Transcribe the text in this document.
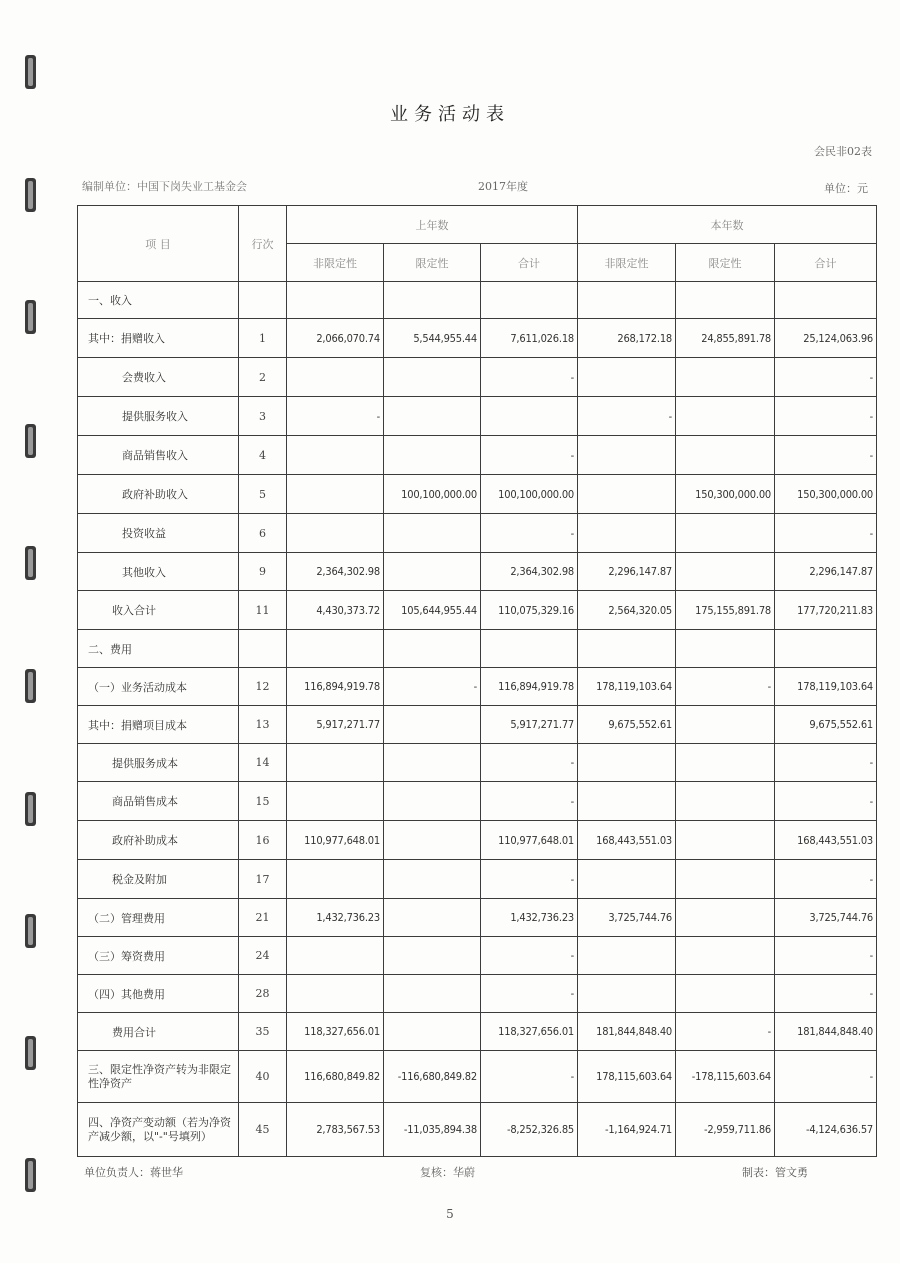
业务活动表
会民非02表
编制单位：中国下岗失业工基金会	2017年度	单位：元
项 目	行次	上年数			本年数		
		非限定性	限定性	合计	非限定性	限定性	合计
一、收入							
其中：捐赠收入	1	2,066,070.74	5,544,955.44	7,611,026.18	268,172.18	24,855,891.78	25,124,063.96
会费收入	2			-			-
提供服务收入	3	-			-		-
商品销售收入	4			-			-
政府补助收入	5		100,100,000.00	100,100,000.00		150,300,000.00	150,300,000.00
投资收益	6			-			-
其他收入	9	2,364,302.98		2,364,302.98	2,296,147.87		2,296,147.87
收入合计	11	4,430,373.72	105,644,955.44	110,075,329.16	2,564,320.05	175,155,891.78	177,720,211.83
二、费用							
（一）业务活动成本	12	116,894,919.78	-	116,894,919.78	178,119,103.64	-	178,119,103.64
其中：捐赠项目成本	13	5,917,271.77		5,917,271.77	9,675,552.61		9,675,552.61
提供服务成本	14			-			-
商品销售成本	15			-			-
政府补助成本	16	110,977,648.01		110,977,648.01	168,443,551.03		168,443,551.03
税金及附加	17			-			-
（二）管理费用	21	1,432,736.23		1,432,736.23	3,725,744.76		3,725,744.76
（三）筹资费用	24			-			-
（四）其他费用	28			-			-
费用合计	35	118,327,656.01		118,327,656.01	181,844,848.40	-	181,844,848.40
三、限定性净资产转为非限定性净资产	40	116,680,849.82	-116,680,849.82	-	178,115,603.64	-178,115,603.64	-
四、净资产变动额（若为净资产减少额，以"-"号填列）	45	2,783,567.53	-11,035,894.38	-8,252,326.85	-1,164,924.71	-2,959,711.86	-4,124,636.57
单位负责人：蒋世华	复核：华蔚	制表：管文勇
5
